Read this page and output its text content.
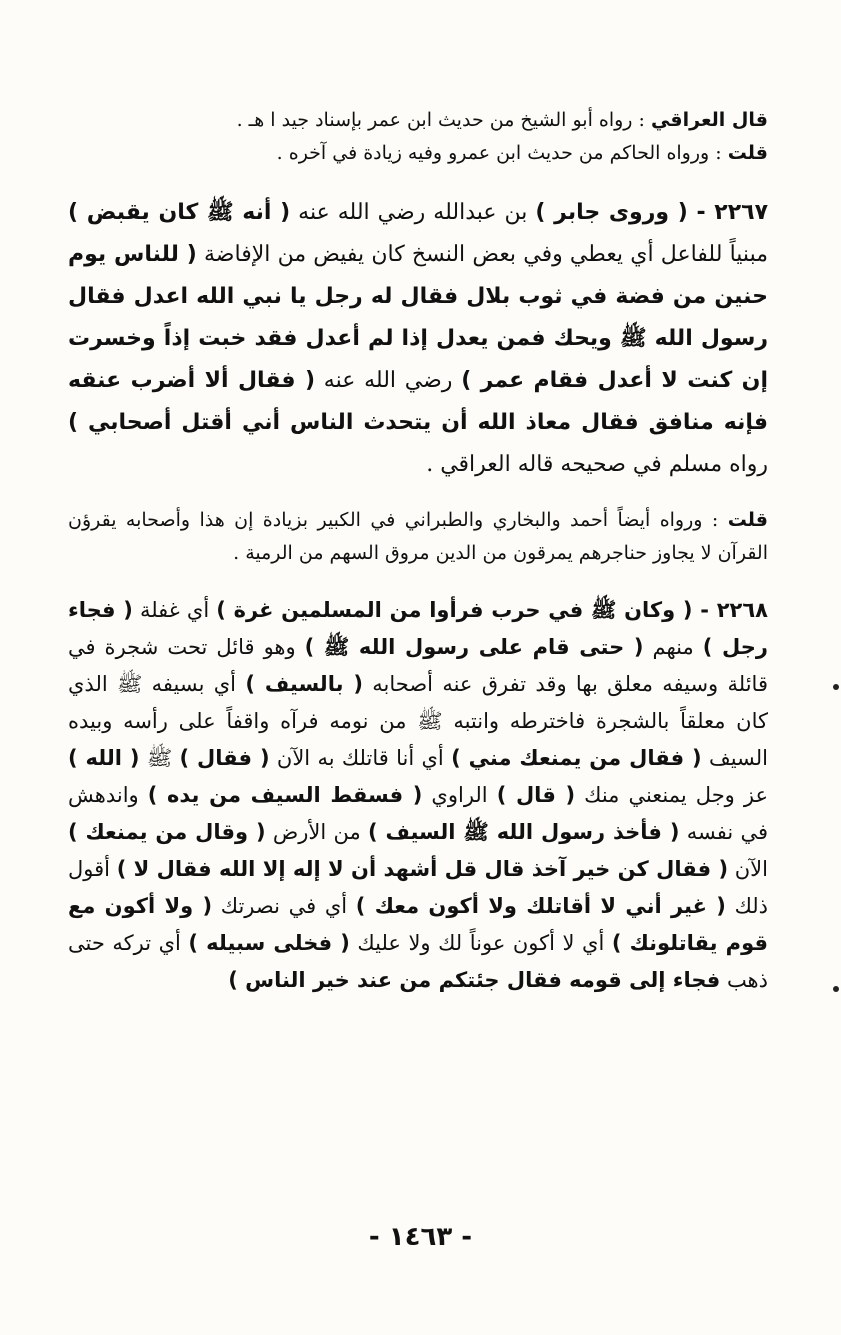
قال العراقي : رواه أبو الشيخ من حديث ابن عمر بإسناد جيد ا هـ .

قلت : ورواه الحاكم من حديث ابن عمرو وفيه زيادة في آخره .

٢٢٦٧ - ( وروى جابر ) بن عبدالله رضي الله عنه ( أنه ﷺ كان يقبض ) مبنياً للفاعل أي يعطي وفي بعض النسخ كان يفيض من الإفاضة ( للناس يوم حنين من فضة في ثوب بلال فقال له رجل يا نبي الله اعدل فقال رسول الله ﷺ ويحك فمن يعدل إذا لم أعدل فقد خبت إذاً وخسرت إن كنت لا أعدل فقام عمر ) رضي الله عنه ( فقال ألا أضرب عنقه فإنه منافق فقال معاذ الله أن يتحدث الناس أني أقتل أصحابي ) رواه مسلم في صحيحه قاله العراقي .

قلت : ورواه أيضاً أحمد والبخاري والطبراني في الكبير بزيادة إن هذا وأصحابه يقرؤن القرآن لا يجاوز حناجرهم يمرقون من الدين مروق السهم من الرمية .

٢٢٦٨ - ( وكان ﷺ في حرب فرأوا من المسلمين غرة ) أي غفلة ( فجاء رجل ) منهم ( حتى قام على رسول الله ﷺ ) وهو قائل تحت شجرة في قائلة وسيفه معلق بها وقد تفرق عنه أصحابه ( بالسيف ) أي بسيفه ﷺ الذي كان معلقاً بالشجرة فاخترطه وانتبه ﷺ من نومه فرآه واقفاً على رأسه وبيده السيف ( فقال من يمنعك مني ) أي أنا قاتلك به الآن ( فقال ) ﷺ ( الله ) عز وجل يمنعني منك ( قال ) الراوي ( فسقط السيف من يده ) واندهش في نفسه ( فأخذ رسول الله ﷺ السيف ) من الأرض ( وقال من يمنعك ) الآن ( فقال كن خير آخذ قال قل أشهد أن لا إله إلا الله فقال لا ) أقول ذلك ( غير أني لا أقاتلك ولا أكون معك ) أي في نصرتك ( ولا أكون مع قوم يقاتلونك ) أي لا أكون عوناً لك ولا عليك ( فخلى سبيله ) أي تركه حتى ذهب فجاء إلى قومه فقال جئتكم من عند خير الناس )

- ١٤٦٣ -
